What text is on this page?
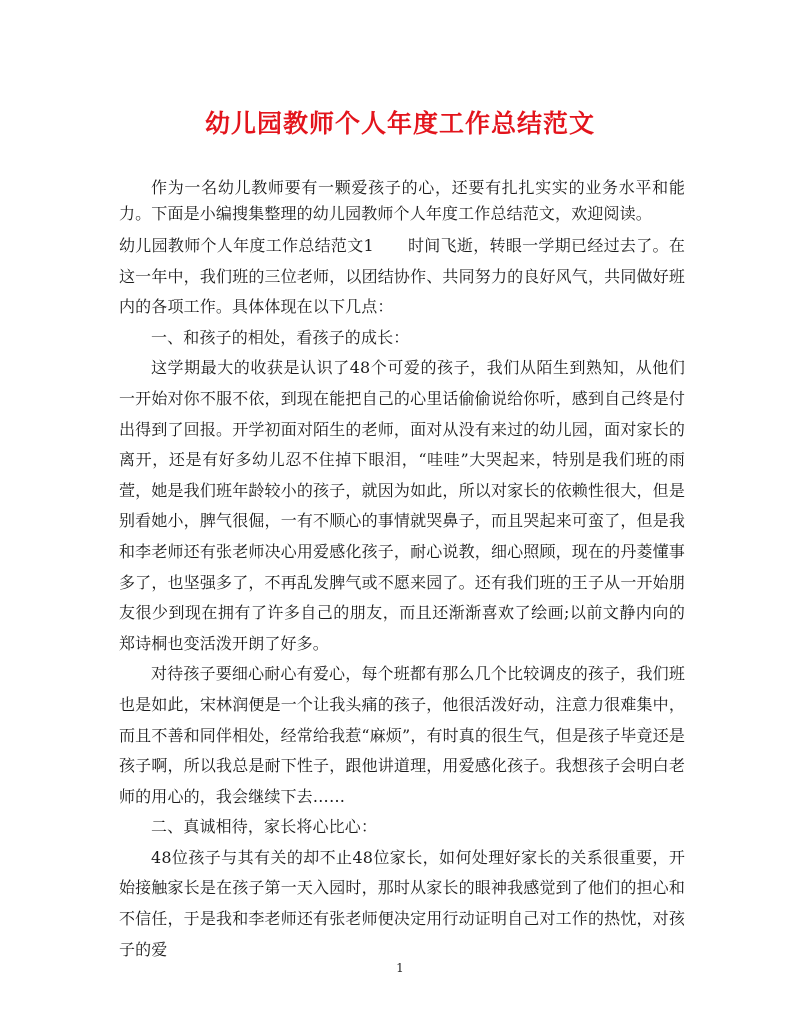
幼儿园教师个人年度工作总结范文

作为一名幼儿教师要有一颗爱孩子的心，还要有扎扎实实的业务水平和能力。下面是小编搜集整理的幼儿园教师个人年度工作总结范文，欢迎阅读。

幼儿园教师个人年度工作总结范文1 时间飞逝，转眼一学期已经过去了。在这一年中，我们班的三位老师，以团结协作、共同努力的良好风气，共同做好班内的各项工作。具体体现在以下几点：

一、和孩子的相处，看孩子的成长：

这学期最大的收获是认识了48个可爱的孩子，我们从陌生到熟知，从他们一开始对你不服不依，到现在能把自己的心里话偷偷说给你听，感到自己终是付出得到了回报。开学初面对陌生的老师，面对从没有来过的幼儿园，面对家长的离开，还是有好多幼儿忍不住掉下眼泪，“哇哇”大哭起来，特别是我们班的雨萱，她是我们班年龄较小的孩子，就因为如此，所以对家长的依赖性很大，但是别看她小，脾气很倔，一有不顺心的事情就哭鼻子，而且哭起来可蛮了，但是我和李老师还有张老师决心用爱感化孩子，耐心说教，细心照顾，现在的丹菱懂事多了，也坚强多了，不再乱发脾气或不愿来园了。还有我们班的王子从一开始朋友很少到现在拥有了许多自己的朋友，而且还渐渐喜欢了绘画;以前文静内向的郑诗桐也变活泼开朗了好多。

对待孩子要细心耐心有爱心，每个班都有那么几个比较调皮的孩子，我们班也是如此，宋林润便是一个让我头痛的孩子，他很活泼好动，注意力很难集中，而且不善和同伴相处，经常给我惹“麻烦”，有时真的很生气，但是孩子毕竟还是孩子啊，所以我总是耐下性子，跟他讲道理，用爱感化孩子。我想孩子会明白老师的用心的，我会继续下去……

二、真诚相待，家长将心比心：

48位孩子与其有关的却不止48位家长，如何处理好家长的关系很重要，开始接触家长是在孩子第一天入园时，那时从家长的眼神我感觉到了他们的担心和不信任，于是我和李老师还有张老师便决定用行动证明自己对工作的热忱，对孩子的爱

1
